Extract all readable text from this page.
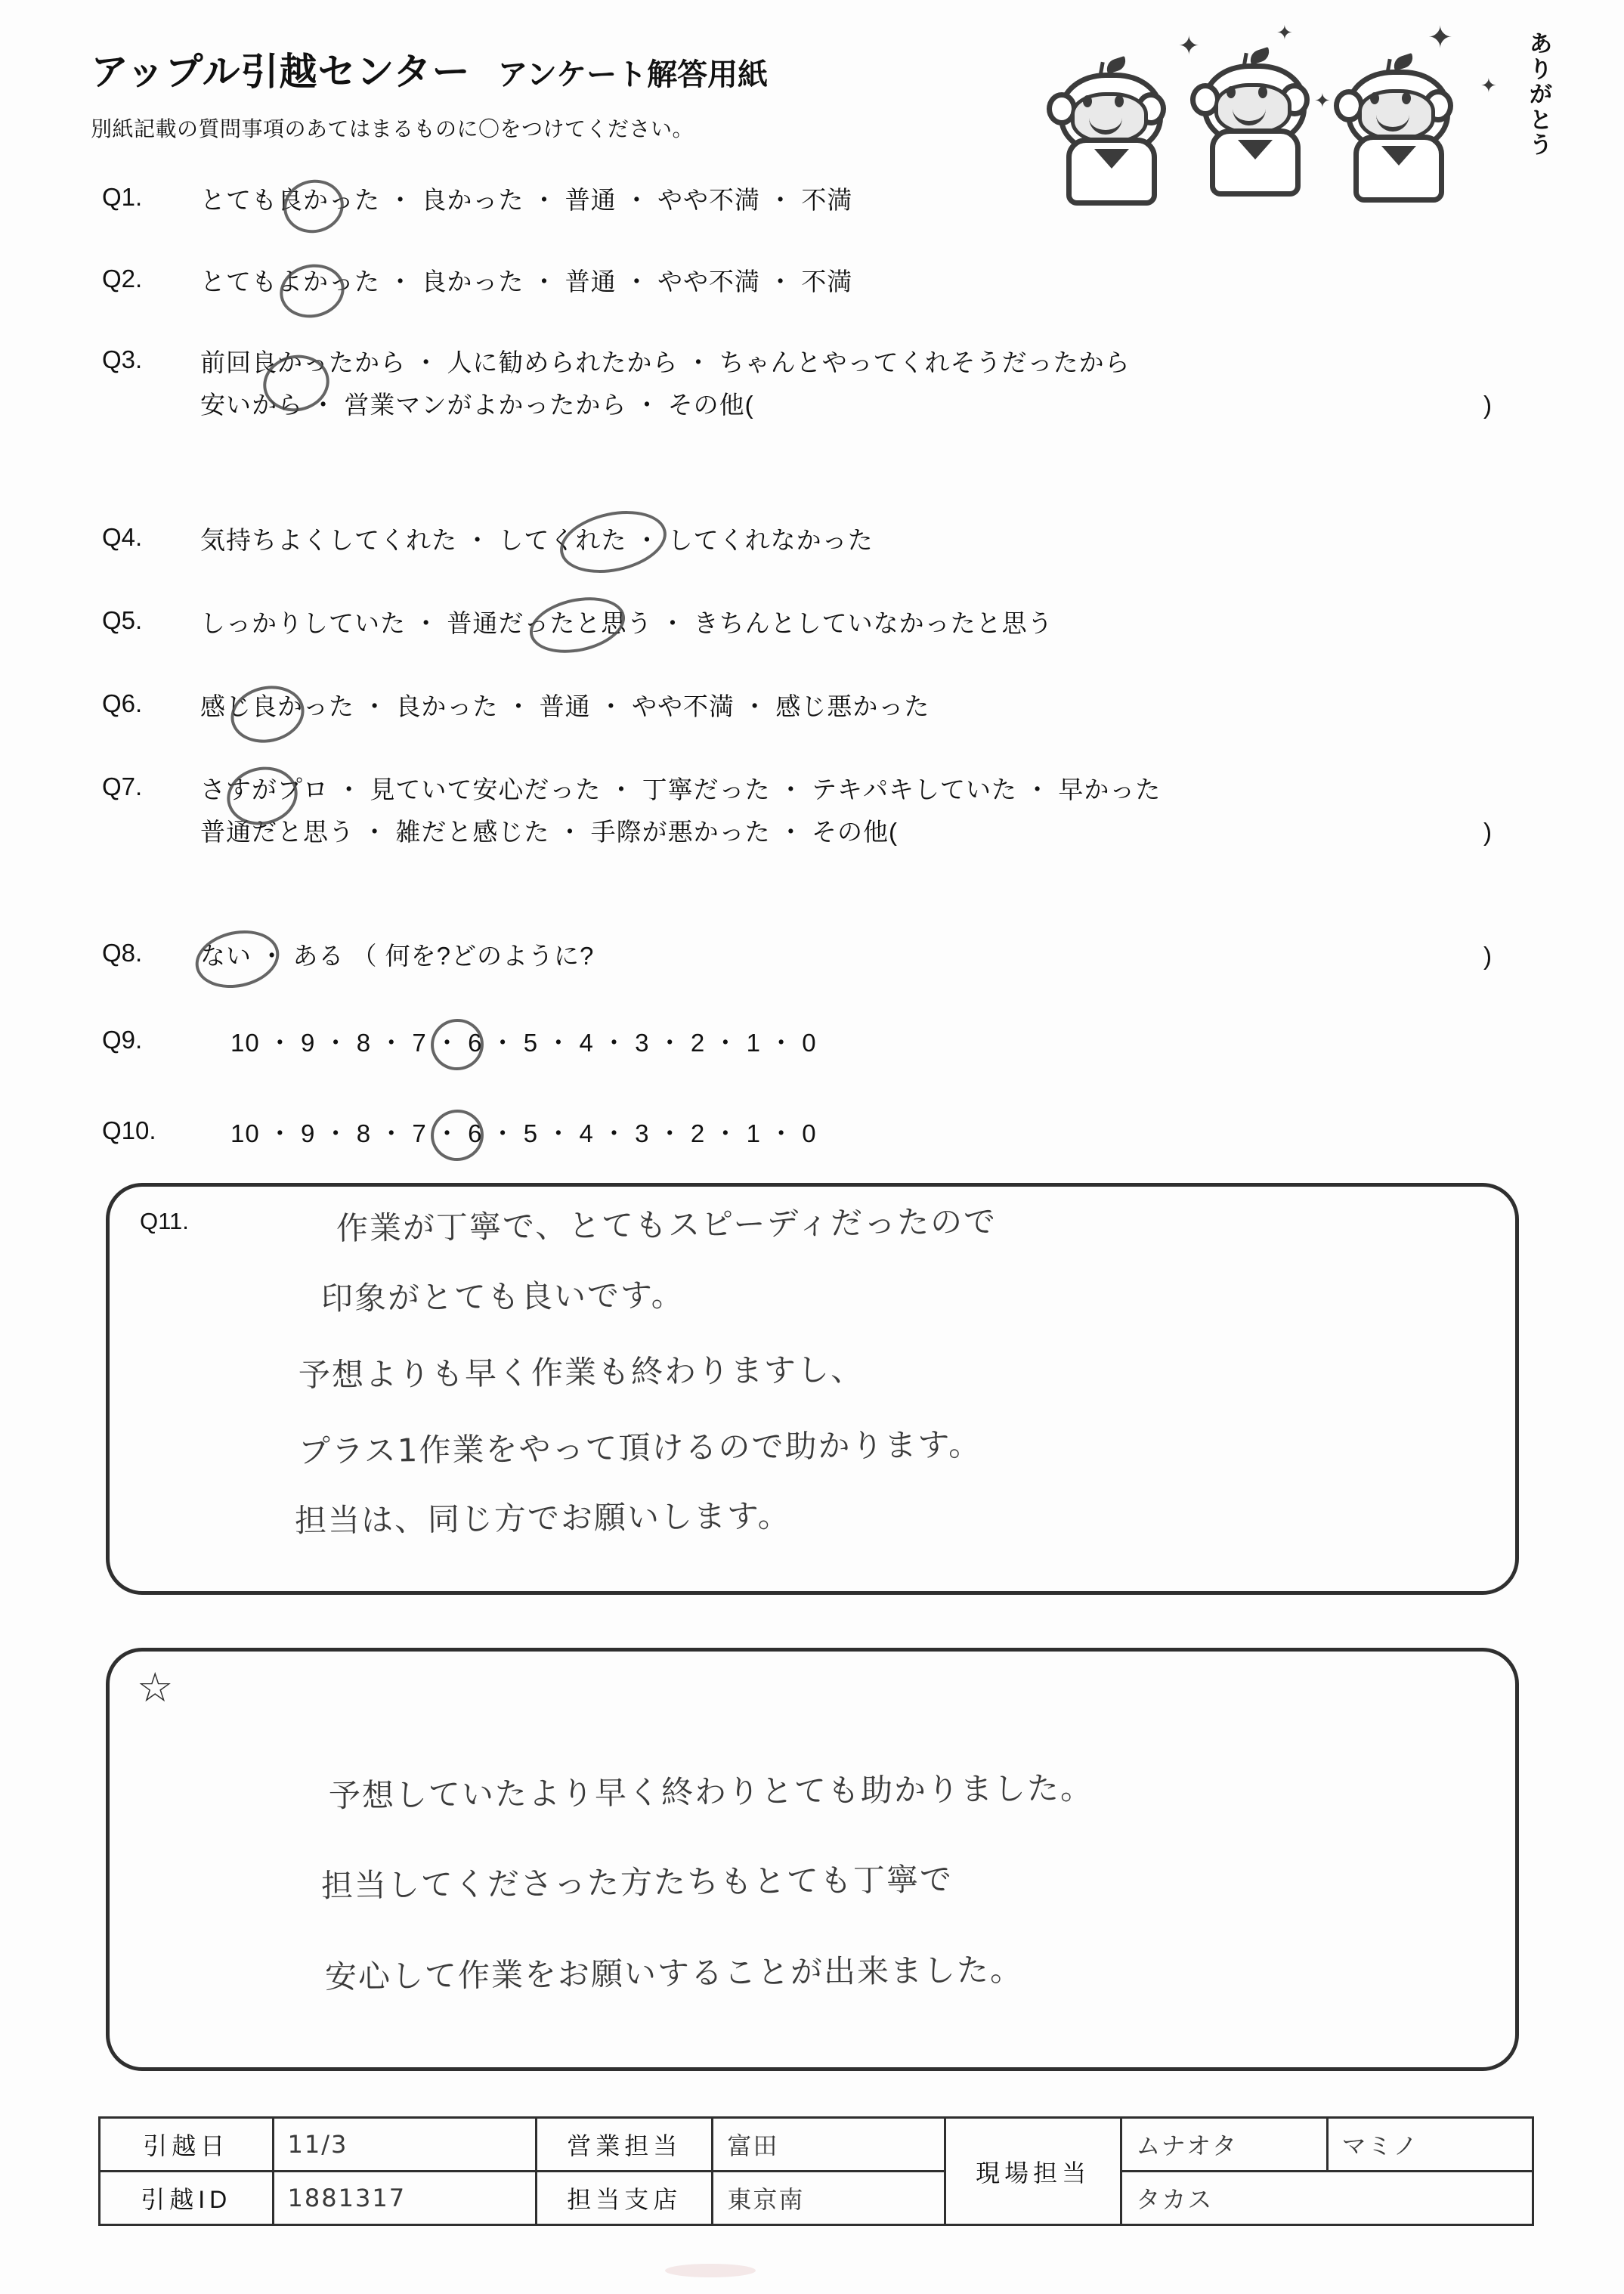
アップル引越センター アンケート解答用紙
別紙記載の質問事項のあてはまるものに〇をつけてください。
✦	✦
✦
✦
✦
ありがとう
Q1.	とても良かった ・ 良かった ・ 普通 ・ やや不満 ・ 不満
Q2.	とてもよかった ・ 良かった ・ 普通 ・ やや不満 ・ 不満
Q3.	前回良かったから ・ 人に勧められたから ・ ちゃんとやってくれそうだったから
安いから ・ 営業マンがよかったから ・ その他(	)
Q4.	気持ちよくしてくれた ・ してくれた ・ してくれなかった
Q5.	しっかりしていた ・ 普通だったと思う ・ きちんとしていなかったと思う
Q6.	感じ良かった ・ 良かった ・ 普通 ・ やや不満 ・ 感じ悪かった
Q7.	さすがプロ ・ 見ていて安心だった ・ 丁寧だった ・ テキパキしていた ・ 早かった
普通だと思う ・ 雑だと感じた ・ 手際が悪かった ・ その他(	)
Q8.	ない ・ ある （ 何を?どのように?	)
Q9.	10 ・ 9 ・ 8 ・ 7 ・ 6 ・ 5 ・ 4 ・ 3 ・ 2 ・ 1 ・ 0
Q10.	10 ・ 9 ・ 8 ・ 7 ・ 6 ・ 5 ・ 4 ・ 3 ・ 2 ・ 1 ・ 0
Q11.	作業が丁寧で、とてもスピーディだったので
印象がとても良いです。
予想よりも早く作業も終わりますし、
プラス1作業をやって頂けるので助かります。
担当は、同じ方でお願いします。
☆
予想していたより早く終わりとても助かりました。
担当してくださった方たちもとても丁寧で
安心して作業をお願いすることが出来ました。
引越日	11/3	営業担当	富田	現場担当	ムナオタ	マミノ
引越ID	1881317	担当支店	東京南		タカス	
